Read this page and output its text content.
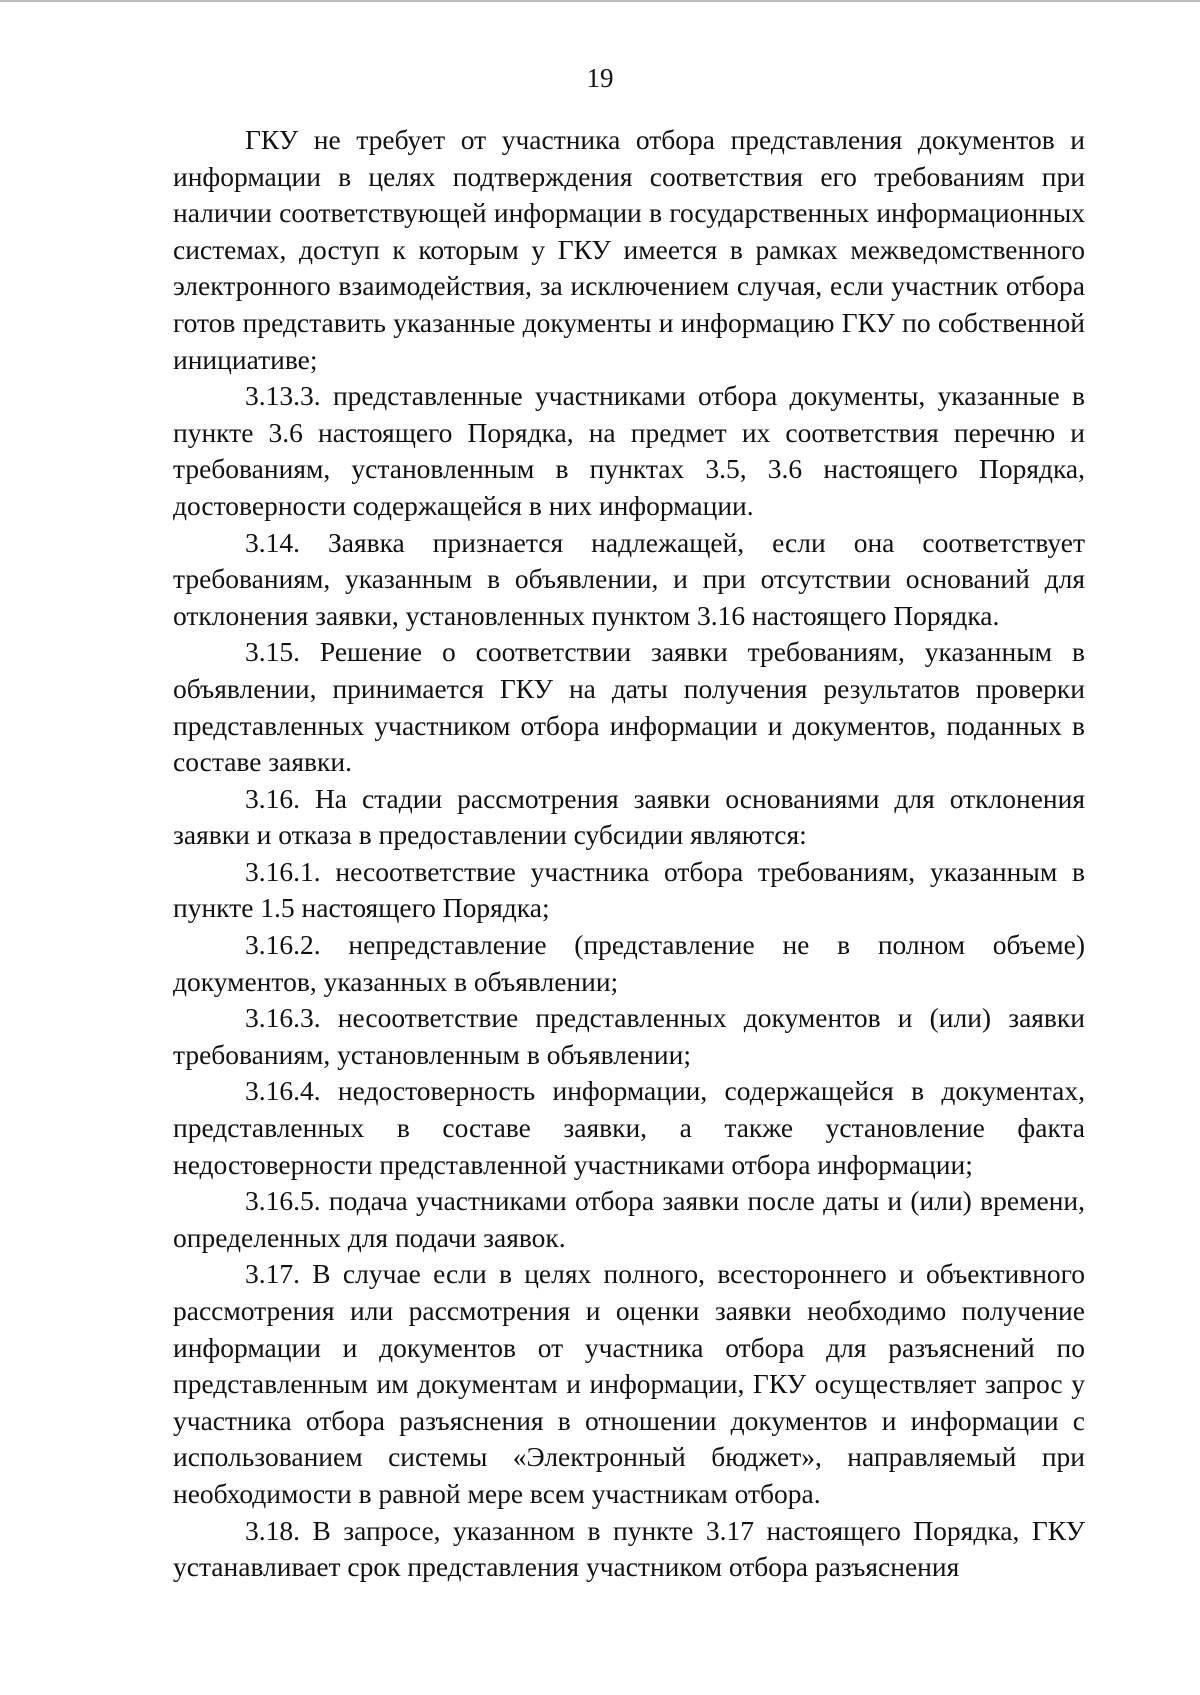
19

ГКУ не требует от участника отбора представления документов и информации в целях подтверждения соответствия его требованиям при наличии соответствующей информации в государственных информационных системах, доступ к которым у ГКУ имеется в рамках межведомственного электронного взаимодействия, за исключением случая, если участник отбора готов представить указанные документы и информацию ГКУ по собственной инициативе;

3.13.3. представленные участниками отбора документы, указанные в пункте 3.6 настоящего Порядка, на предмет их соответствия перечню и требованиям, установленным в пунктах 3.5, 3.6 настоящего Порядка, достоверности содержащейся в них информации.

3.14. Заявка признается надлежащей, если она соответствует требованиям, указанным в объявлении, и при отсутствии оснований для отклонения заявки, установленных пунктом 3.16 настоящего Порядка.

3.15. Решение о соответствии заявки требованиям, указанным в объявлении, принимается ГКУ на даты получения результатов проверки представленных участником отбора информации и документов, поданных в составе заявки.

3.16. На стадии рассмотрения заявки основаниями для отклонения заявки и отказа в предоставлении субсидии являются:

3.16.1. несоответствие участника отбора требованиям, указанным в пункте 1.5 настоящего Порядка;

3.16.2. непредставление (представление не в полном объеме) документов, указанных в объявлении;

3.16.3. несоответствие представленных документов и (или) заявки требованиям, установленным в объявлении;

3.16.4. недостоверность информации, содержащейся в документах, представленных в составе заявки, а также установление факта недостоверности представленной участниками отбора информации;

3.16.5. подача участниками отбора заявки после даты и (или) времени, определенных для подачи заявок.

3.17. В случае если в целях полного, всестороннего и объективного рассмотрения или рассмотрения и оценки заявки необходимо получение информации и документов от участника отбора для разъяснений по представленным им документам и информации, ГКУ осуществляет запрос у участника отбора разъяснения в отношении документов и информации с использованием системы «Электронный бюджет», направляемый при необходимости в равной мере всем участникам отбора.

3.18. В запросе, указанном в пункте 3.17 настоящего Порядка, ГКУ устанавливает срок представления участником отбора разъяснения
